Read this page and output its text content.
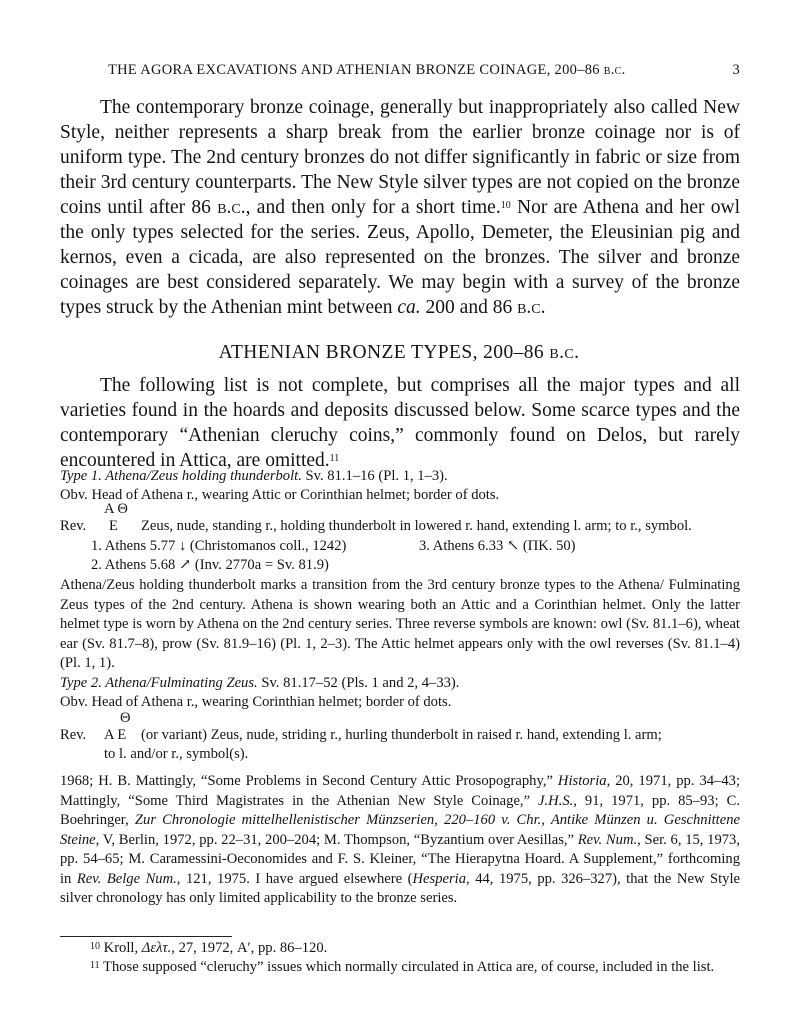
THE AGORA EXCAVATIONS AND ATHENIAN BRONZE COINAGE, 200–86 b.c.	3
The contemporary bronze coinage, generally but inappropriately also called New Style, neither represents a sharp break from the earlier bronze coinage nor is of uniform type. The 2nd century bronzes do not differ significantly in fabric or size from their 3rd century counterparts. The New Style silver types are not copied on the bronze coins until after 86 b.c., and then only for a short time.$^{10}$ Nor are Athena and her owl the only types selected for the series. Zeus, Apollo, Demeter, the Eleusinian pig and kernos, even a cicada, are also represented on the bronzes. The silver and bronze coinages are best considered separately. We may begin with a survey of the bronze types struck by the Athenian mint between ca. 200 and 86 b.c.
ATHENIAN BRONZE TYPES, 200–86 b.c.
The following list is not complete, but comprises all the major types and all varieties found in the hoards and deposits discussed below. Some scarce types and the contemporary “Athenian cleruchy coins,” commonly found on Delos, but rarely encountered in Attica, are omitted.$^{11}$
Type 1. Athena/Zeus holding thunderbolt. Sv. 81.1–16 (Pl. 1, 1–3).
Obv. Head of Athena r., wearing Attic or Corinthian helmet; border of dots.
A Θ
Rev. E Zeus, nude, standing r., holding thunderbolt in lowered r. hand, extending l. arm; to r., symbol.
1. Athens 5.77 ↓ (Christomanos coll., 1242)
2. Athens 5.68 ↗ (Inv. 2770a = Sv. 81.9)
3. Athens 6.33 ↖ (ΠΚ. 50)
Athena/Zeus holding thunderbolt marks a transition from the 3rd century bronze types to the Athena/ Fulminating Zeus types of the 2nd century. Athena is shown wearing both an Attic and a Corinthian helmet. Only the latter helmet type is worn by Athena on the 2nd century series. Three reverse symbols are known: owl (Sv. 81.1–6), wheat ear (Sv. 81.7–8), prow (Sv. 81.9–16) (Pl. 1, 2–3). The Attic helmet appears only with the owl reverses (Sv. 81.1–4) (Pl. 1, 1).
Type 2. Athena/Fulminating Zeus. Sv. 81.17–52 (Pls. 1 and 2, 4–33).
Obv. Head of Athena r., wearing Corinthian helmet; border of dots.
Θ
Rev. A E (or variant) Zeus, nude, striding r., hurling thunderbolt in raised r. hand, extending l. arm;
to l. and/or r., symbol(s).
1968; H. B. Mattingly, “Some Problems in Second Century Attic Prosopography,” Historia, 20, 1971, pp. 34–43; Mattingly, “Some Third Magistrates in the Athenian New Style Coinage,” J.H.S., 91, 1971, pp. 85–93; C. Boehringer, Zur Chronologie mittelhellenistischer Münzserien, 220–160 v. Chr., Antike Münzen u. Geschnittene Steine, V, Berlin, 1972, pp. 22–31, 200–204; M. Thompson, “Byzantium over Aesillas,” Rev. Num., Ser. 6, 15, 1973, pp. 54–65; M. Caramessini-Oeconomides and F. S. Kleiner, “The Hierapytna Hoard. A Supplement,” forthcoming in Rev. Belge Num., 121, 1975. I have argued elsewhere (Hesperia, 44, 1975, pp. 326–327), that the New Style silver chronology has only limited applicability to the bronze series.
$^{10}$ Kroll, Δελτ., 27, 1972, A′, pp. 86–120.
$^{11}$ Those supposed “cleruchy” issues which normally circulated in Attica are, of course, included in the list.
